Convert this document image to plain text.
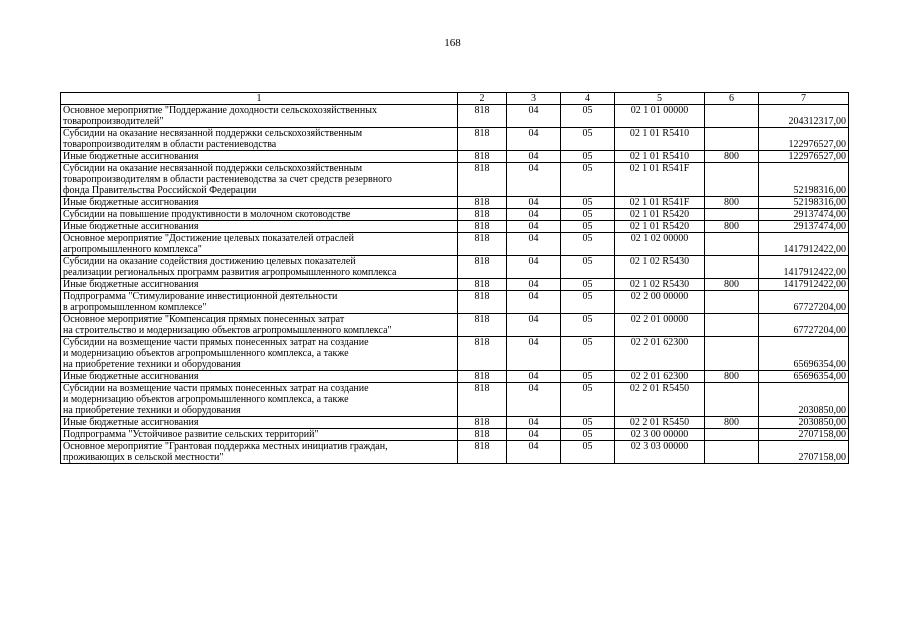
168
1	2	3	4	5	6	7
Основное мероприятие "Поддержание доходности сельскохозяйственных
товаропроизводителей"	818	04	05	02 1 01 00000		204312317,00
Субсидии на оказание несвязанной поддержки сельскохозяйственным
товаропроизводителям в области растениеводства	818	04	05	02 1 01 R5410		122976527,00
Иные бюджетные ассигнования	818	04	05	02 1 01 R5410	800	122976527,00
Субсидии на оказание несвязанной поддержки сельскохозяйственным
товаропроизводителям в области растениеводства за счет средств резервного
фонда Правительства Российской Федерации	818	04	05	02 1 01 R541F		52198316,00
Иные бюджетные ассигнования	818	04	05	02 1 01 R541F	800	52198316,00
Субсидии на повышение продуктивности в молочном скотоводстве	818	04	05	02 1 01 R5420		29137474,00
Иные бюджетные ассигнования	818	04	05	02 1 01 R5420	800	29137474,00
Основное мероприятие "Достижение целевых показателей отраслей
агропромышленного комплекса"	818	04	05	02 1 02 00000		1417912422,00
Субсидии на оказание содействия достижению целевых показателей
реализации региональных программ развития агропромышленного комплекса	818	04	05	02 1 02 R5430		1417912422,00
Иные бюджетные ассигнования	818	04	05	02 1 02 R5430	800	1417912422,00
Подпрограмма "Стимулирование инвестиционной деятельности
в агропромышленном комплексе"	818	04	05	02 2 00 00000		67727204,00
Основное мероприятие "Компенсация прямых понесенных затрат
на строительство и модернизацию объектов агропромышленного комплекса"	818	04	05	02 2 01 00000		67727204,00
Субсидии на возмещение части прямых понесенных затрат на создание
и модернизацию объектов агропромышленного комплекса, а также
на приобретение техники и оборудования	818	04	05	02 2 01 62300		65696354,00
Иные бюджетные ассигнования	818	04	05	02 2 01 62300	800	65696354,00
Субсидии на возмещение части прямых понесенных затрат на создание
и модернизацию объектов агропромышленного комплекса, а также
на приобретение техники и оборудования	818	04	05	02 2 01 R5450		2030850,00
Иные бюджетные ассигнования	818	04	05	02 2 01 R5450	800	2030850,00
Подпрограмма "Устойчивое развитие сельских территорий"	818	04	05	02 3 00 00000		2707158,00
Основное мероприятие "Грантовая поддержка местных инициатив граждан,
проживающих в сельской местности"	818	04	05	02 3 03 00000		2707158,00
